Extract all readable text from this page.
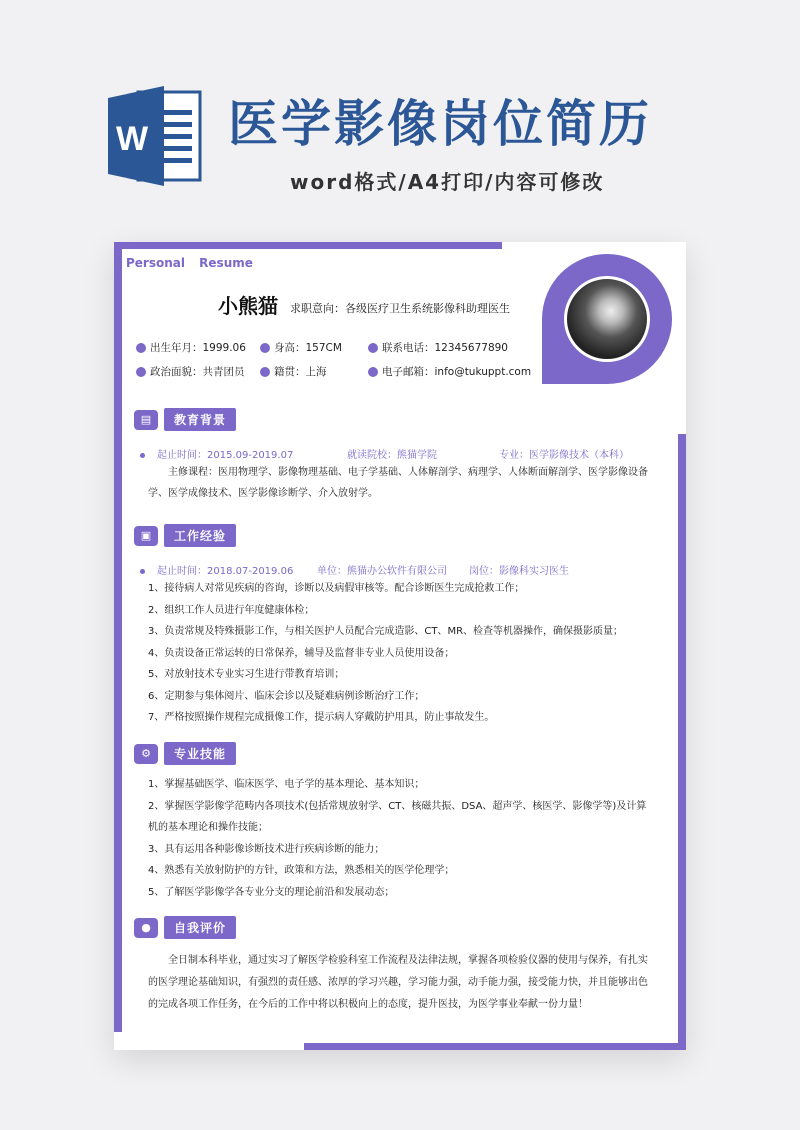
W 医学影像岗位简历
word格式/A4打印/内容可修改
Personal Resume
小熊猫 求职意向：各级医疗卫生系统影像科助理医生
出生年月：1999.06	身高：157CM	联系电话：12345677890
政治面貌：共青团员	籍贯：上海	电子邮箱：info@tukuppt.com
▤	教育背景
起止时间：2015.09-2019.07	就读院校：熊猫学院	专业：医学影像技术（本科）
主修课程：医用物理学、影像物理基础、电子学基础、人体解剖学、病理学、人体断面解剖学、医学影像设备学、医学成像技术、医学影像诊断学、介入放射学。
▣	工作经验
起止时间：2018.07-2019.06 单位：熊猫办公软件有限公司 岗位：影像科实习医生
1、接待病人对常见疾病的咨询，诊断以及病假审核等。配合诊断医生完成抢救工作；
2、组织工作人员进行年度健康体检；
3、负责常规及特殊摄影工作，与相关医护人员配合完成造影、CT、MR、检查等机器操作，确保摄影质量；
4、负责设备正常运转的日常保养，辅导及监督非专业人员使用设备；
5、对放射技术专业实习生进行带教育培训；
6、定期参与集体阅片、临床会诊以及疑难病例诊断治疗工作；
7、严格按照操作规程完成摄像工作，提示病人穿戴防护用具，防止事故发生。
⚙	专业技能
1、掌握基础医学、临床医学、电子学的基本理论、基本知识；
2、掌握医学影像学范畴内各项技术(包括常规放射学、CT、核磁共振、DSA、超声学、核医学、影像学等)及计算机的基本理论和操作技能；
3、具有运用各种影像诊断技术进行疾病诊断的能力；
4、熟悉有关放射防护的方针，政策和方法，熟悉相关的医学伦理学；
5、了解医学影像学各专业分支的理论前沿和发展动态；
●	自我评价
全日制本科毕业，通过实习了解医学检验科室工作流程及法律法规，掌握各项检验仪器的使用与保养，有扎实的医学理论基础知识，有强烈的责任感、浓厚的学习兴趣，学习能力强，动手能力强，接受能力快，并且能够出色的完成各项工作任务，在今后的工作中将以积极向上的态度，提升医技，为医学事业奉献一份力量！
